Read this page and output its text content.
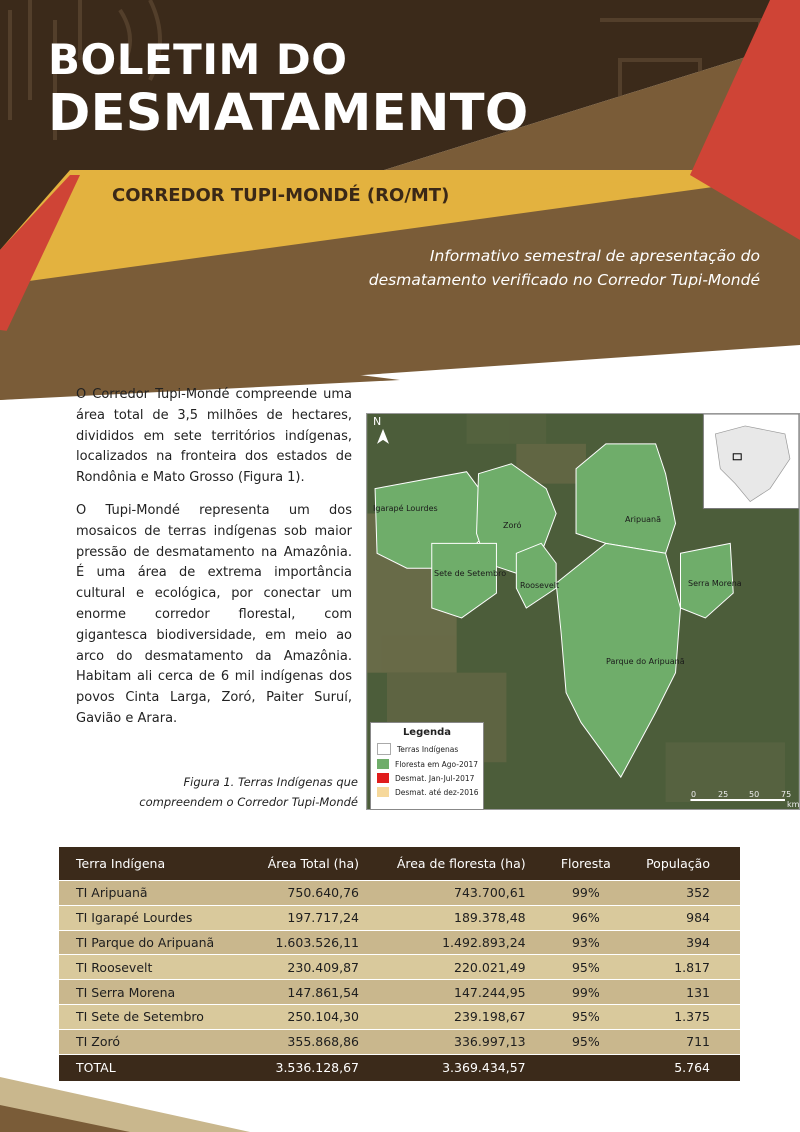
BOLETIM DO
DESMATAMENTO
CORREDOR TUPI-MONDÉ (RO/MT)
Informativo semestral de apresentação do
desmatamento verificado no Corredor Tupi-Mondé

O Corredor Tupi-Mondé compreende uma área total de 3,5 milhões de hectares, divididos em sete territórios indígenas, localizados na fronteira dos estados de Rondônia e Mato Grosso (Figura 1).

O Tupi-Mondé representa um dos mosaicos de terras indígenas sob maior pressão de desmatamento na Amazônia. É uma área de extrema importância cultural e ecológica, por conectar um enorme corredor florestal, com gigantesca biodiversidade, em meio ao arco do desmatamento da Amazônia. Habitam ali cerca de 6 mil indígenas dos povos Cinta Larga, Zoró, Paiter Suruí, Gavião e Arara.

N
Igarapé Lourdes
Zoró
Aripuanã
Sete de Setembro
Roosevelt	Serra Morena
Parque do Aripuanã
Legenda
Terras Indígenas
Floresta em Ago-2017
Desmat. Jan-Jul-2017
Desmat. até dez-2016	0	25	50	75
km
Figura 1. Terras Indígenas que
compreendem o Corredor Tupi-Mondé
Terra Indígena	Área Total (ha)	Área de floresta (ha)	Floresta	População
TI Aripuanã	750.640,76	743.700,61	99%	352
TI Igarapé Lourdes	197.717,24	189.378,48	96%	984
TI Parque do Aripuanã	1.603.526,11	1.492.893,24	93%	394
TI Roosevelt	230.409,87	220.021,49	95%	1.817
TI Serra Morena	147.861,54	147.244,95	99%	131
TI Sete de Setembro	250.104,30	239.198,67	95%	1.375
TI Zoró	355.868,86	336.997,13	95%	711
TOTAL	3.536.128,67	3.369.434,57		5.764
